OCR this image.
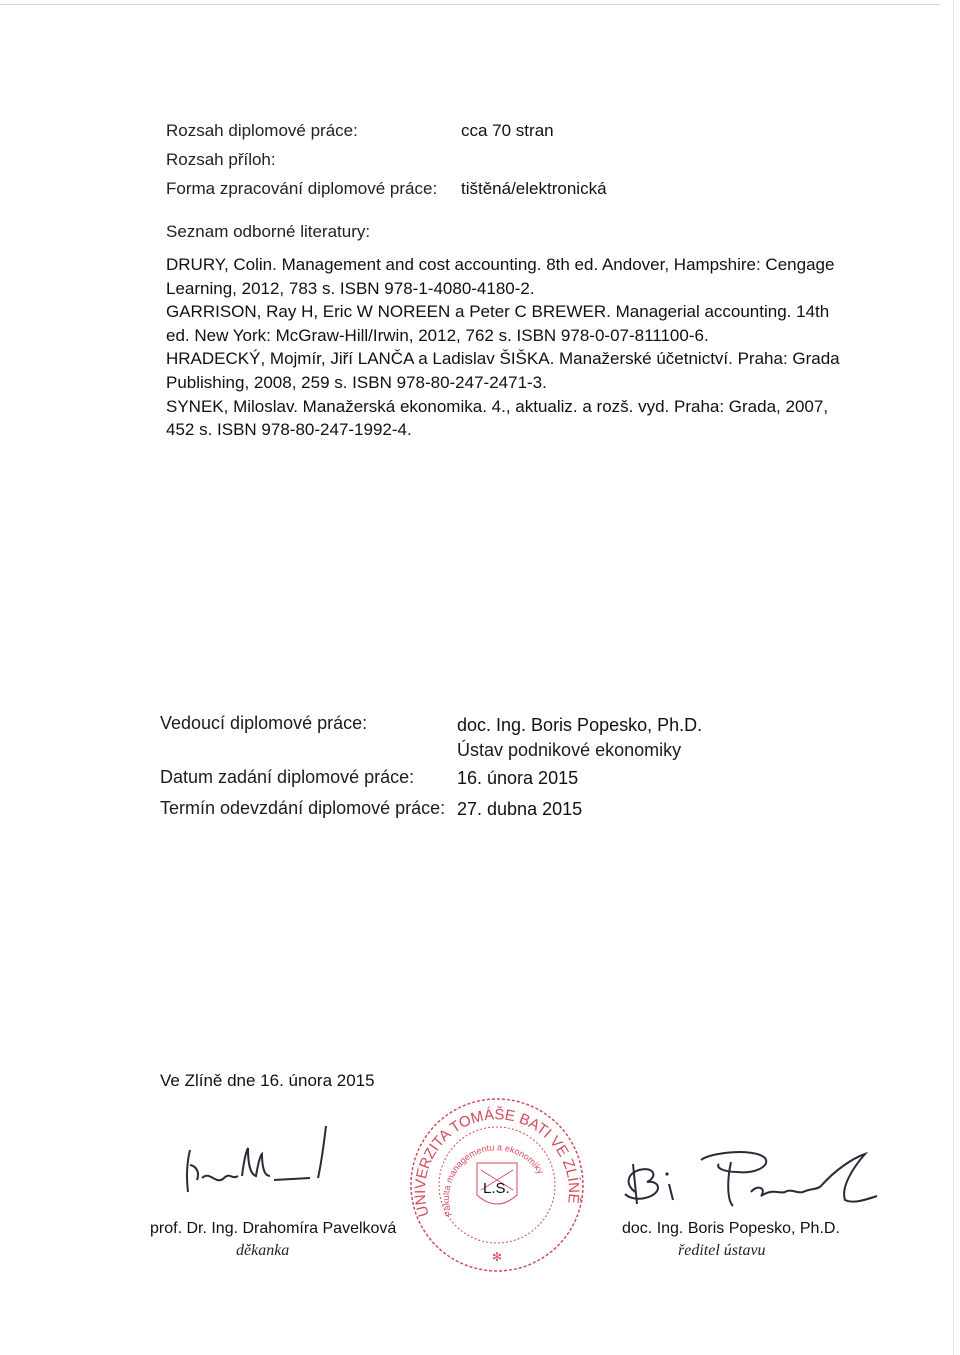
Rozsah diplomové práce:	cca 70 stran
Rozsah příloh:
Forma zpracování diplomové práce: tištěná/elektronická
Seznam odborné literatury:

DRURY, Colin. Management and cost accounting. 8th ed. Andover, Hampshire: Cengage Learning, 2012, 783 s. ISBN 978-1-4080-4180-2.

GARRISON, Ray H, Eric W NOREEN a Peter C BREWER. Managerial accounting. 14th ed. New York: McGraw-Hill/Irwin, 2012, 762 s. ISBN 978-0-07-811100-6.

HRADECKÝ, Mojmír, Jiří LANČA a Ladislav ŠIŠKA. Manažerské účetnictví. Praha: Grada Publishing, 2008, 259 s. ISBN 978-80-247-2471-3.

SYNEK, Miloslav. Manažerská ekonomika. 4., aktualiz. a rozš. vyd. Praha: Grada, 2007, 452 s. ISBN 978-80-247-1992-4.

Vedoucí diplomové práce:	doc. Ing. Boris Popesko, Ph.D.
Ústav podnikové ekonomiky
Datum zadání diplomové práce: 16. února 2015
Termín odevzdání diplomové práce: 27. dubna 2015
Ve Zlíně dne 16. února 2015
prof. Dr. Ing. Drahomíra Pavelková
děkanka
UNIVERZITA TOMÁŠE BATI VE ZLÍNĚ
Fakulta managementu a ekonomiky
✻
L.S.
doc. Ing. Boris Popesko, Ph.D.
ředitel ústavu
